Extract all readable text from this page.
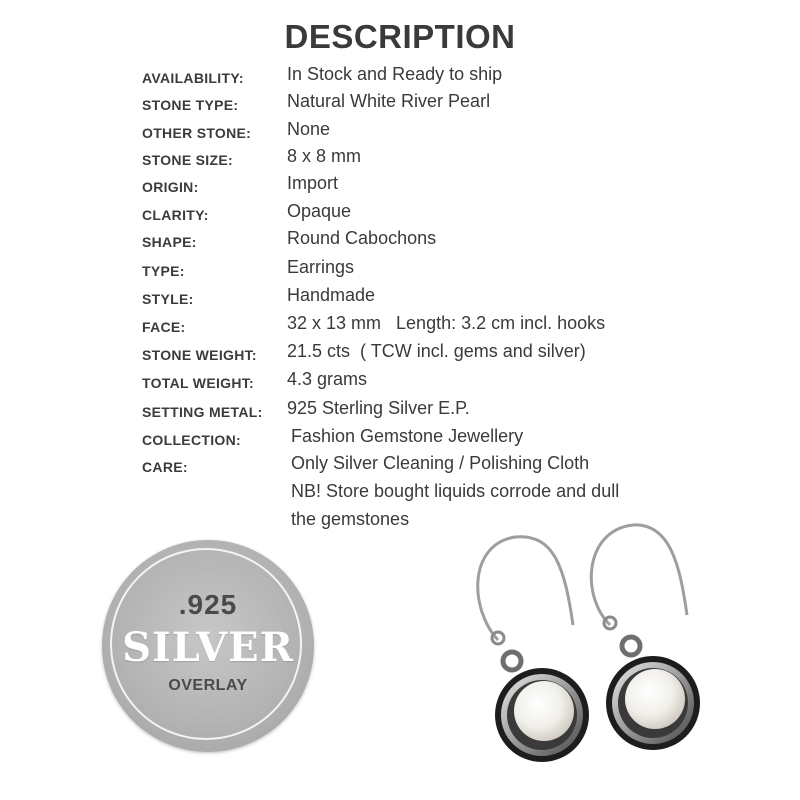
DESCRIPTION
AVAILABILITY: In Stock and Ready to ship
STONE TYPE:	Natural White River Pearl
OTHER STONE: None
STONE SIZE:	8 x 8 mm
ORIGIN:	Import
CLARITY:	Opaque
SHAPE:	Round Cabochons
TYPE:	Earrings
STYLE:	Handmade
FACE:	32 x 13 mm   Length: 3.2 cm incl. hooks
STONE WEIGHT: 21.5 cts  ( TCW incl. gems and silver)
TOTAL WEIGHT: 4.3 grams
SETTING METAL: 925 Sterling Silver E.P.
COLLECTION:	Fashion Gemstone Jewellery
CARE:	Only Silver Cleaning / Polishing Cloth
NB! Store bought liquids corrode and dull
the gemstones
.925
SILVER
OVERLAY
